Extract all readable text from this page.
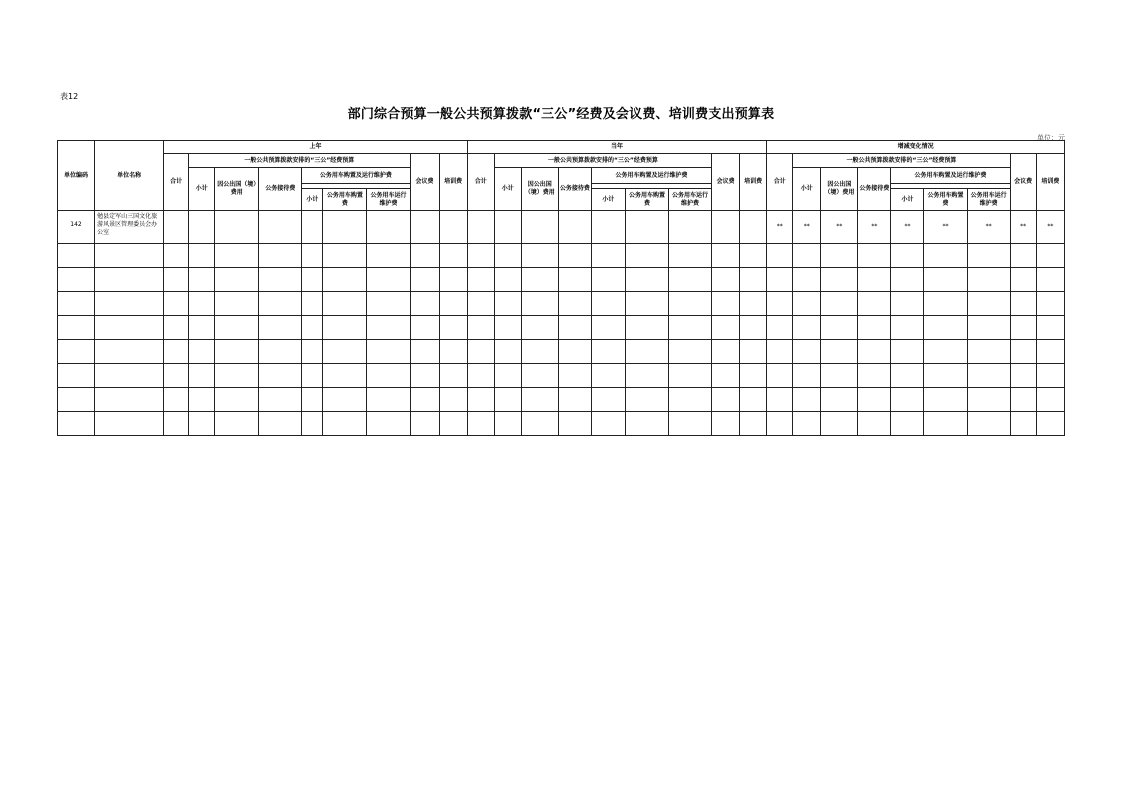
表12
部门综合预算一般公共预算拨款“三公”经费及会议费、培训费支出预算表
单位：元
单位编码	单位名称	上年									当年									增减变化情况								
		合计	一般公共预算拨款安排的“三公”经费预算						会议费	培训费	合计	一般公共预算拨款安排的“三公”经费预算						会议费	培训费	合计	一般公共预算拨款安排的“三公”经费预算						会议费	培训费
			小计	因公出国（境）费用	公务接待费	公务用车购置及运行维护费						小计	因公出国（境）费用	公务接待费	公务用车购置及运行维护费						小计	因公出国（境）费用	公务接待费	公务用车购置及运行维护费				

						小计	公务用车购置费	公务用车运行维护费							小计	公务用车购置费	公务用车运行维护费							小计	公务用车购置费	公务用车运行维护费		
142	勉县定军山三国文化旅游风景区管理委员会办公室																			**	**	**	**	**	**	**	**	**
